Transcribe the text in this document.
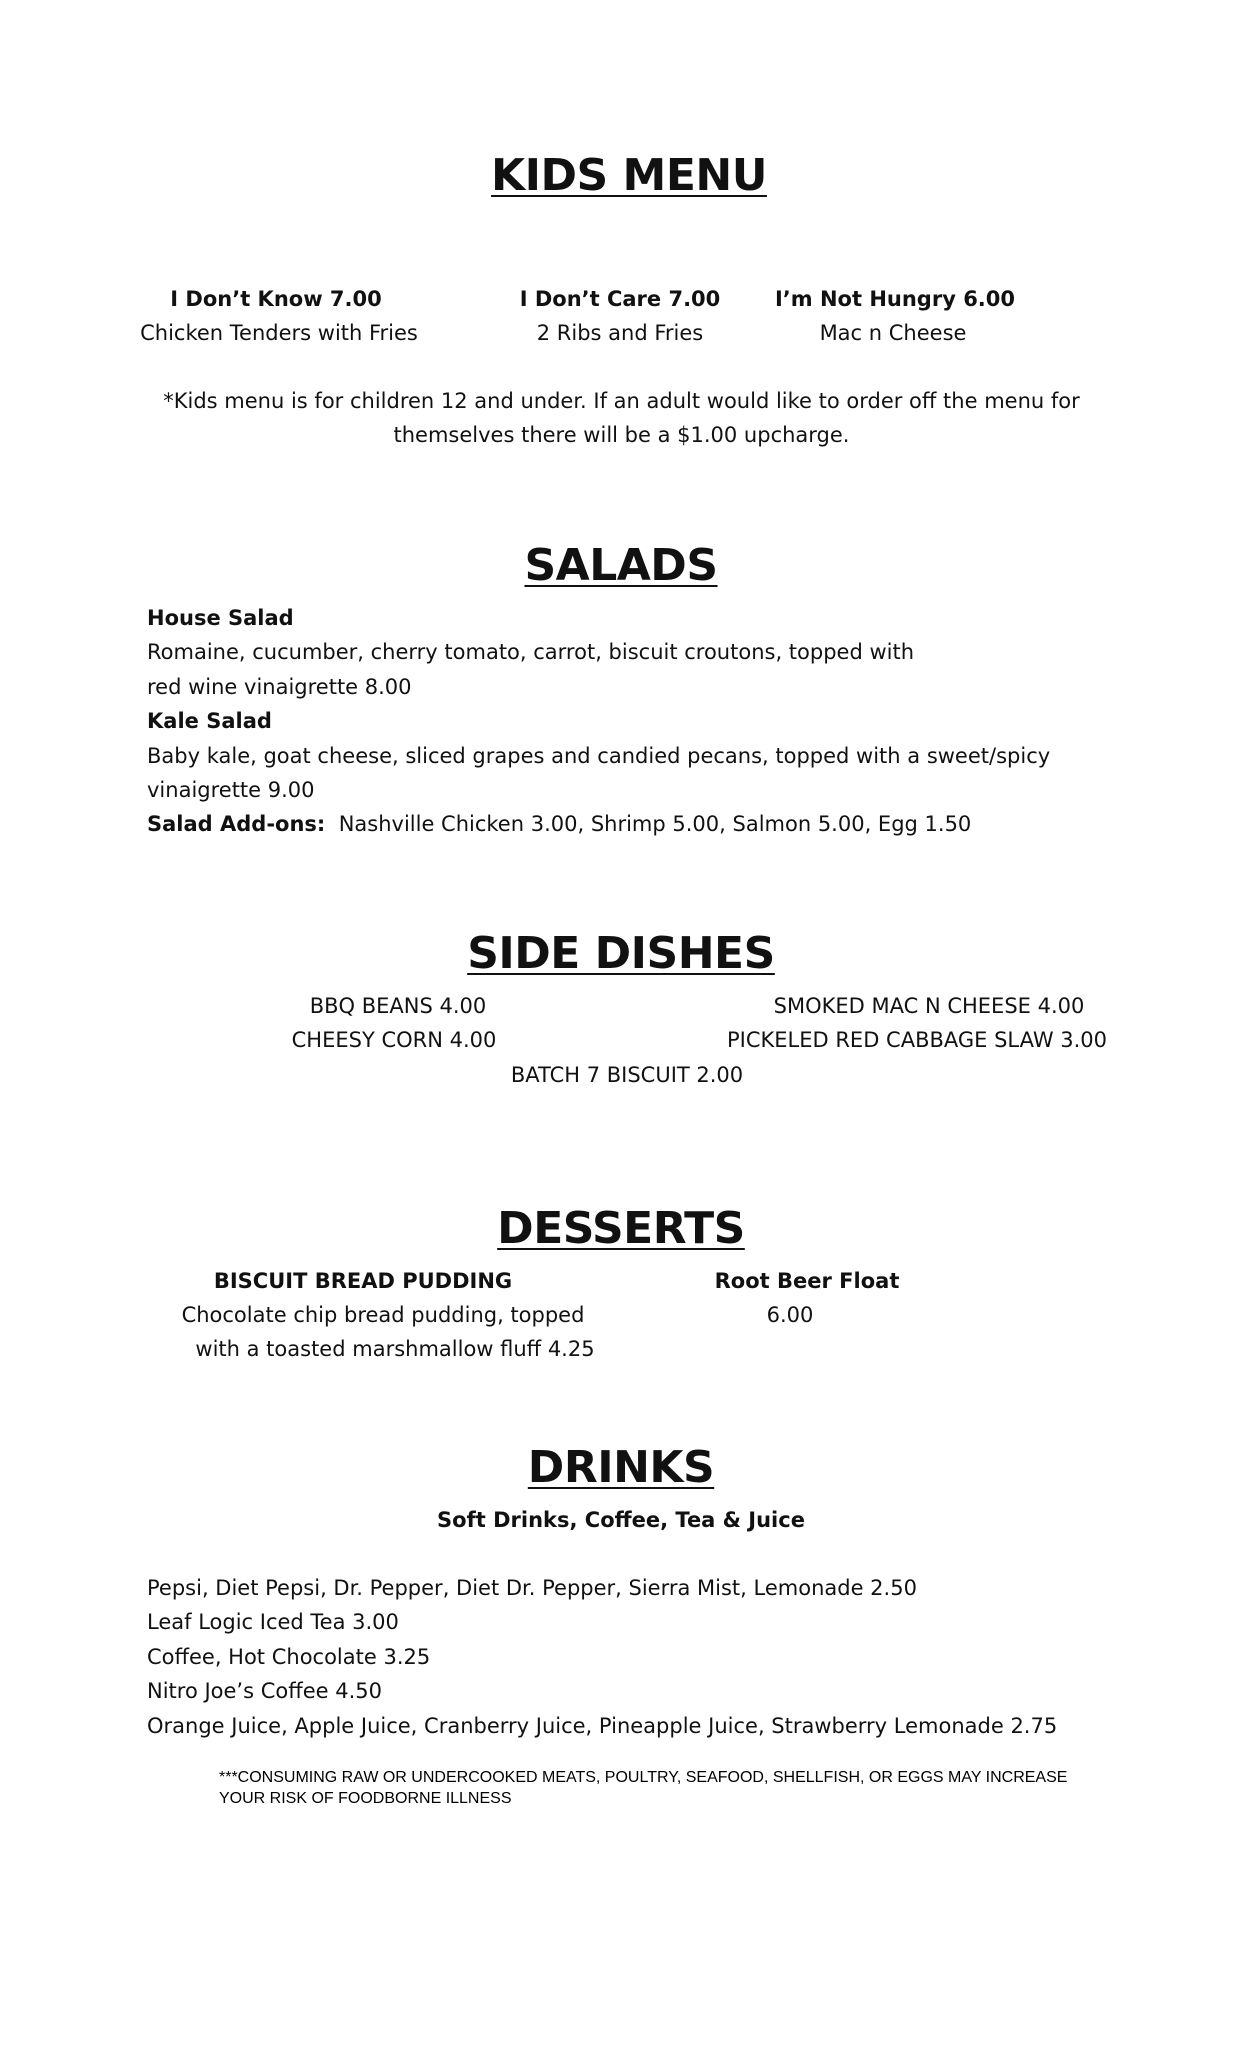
KIDS MENU

I Don’t Know 7.00

Chicken Tenders with Fries

I Don’t Care 7.00

2 Ribs and Fries

I’m Not Hungry 6.00

Mac n Cheese

*Kids menu is for children 12 and under. If an adult would like to order off the menu for

themselves there will be a $1.00 upcharge.

SALADS

House Salad

Romaine, cucumber, cherry tomato, carrot, biscuit croutons, topped with

red wine vinaigrette 8.00

Kale Salad

Baby kale, goat cheese, sliced grapes and candied pecans, topped with a sweet/spicy

vinaigrette 9.00

Salad Add-ons: Nashville Chicken 3.00, Shrimp 5.00, Salmon 5.00, Egg 1.50

SIDE DISHES

BBQ BEANS 4.00	SMOKED MAC N CHEESE 4.00

CHEESY CORN 4.00	PICKELED RED CABBAGE SLAW 3.00

BATCH 7 BISCUIT 2.00

DESSERTS

BISCUIT BREAD PUDDING

Chocolate chip bread pudding, topped

with a toasted marshmallow fluff 4.25

Root Beer Float

6.00

DRINKS

Soft Drinks, Coffee, Tea & Juice

Pepsi, Diet Pepsi, Dr. Pepper, Diet Dr. Pepper, Sierra Mist, Lemonade 2.50

Leaf Logic Iced Tea 3.00

Coffee, Hot Chocolate 3.25

Nitro Joe’s Coffee 4.50

Orange Juice, Apple Juice, Cranberry Juice, Pineapple Juice, Strawberry Lemonade 2.75

***CONSUMING RAW OR UNDERCOOKED MEATS, POULTRY, SEAFOOD, SHELLFISH, OR EGGS MAY INCREASE

YOUR RISK OF FOODBORNE ILLNESS
